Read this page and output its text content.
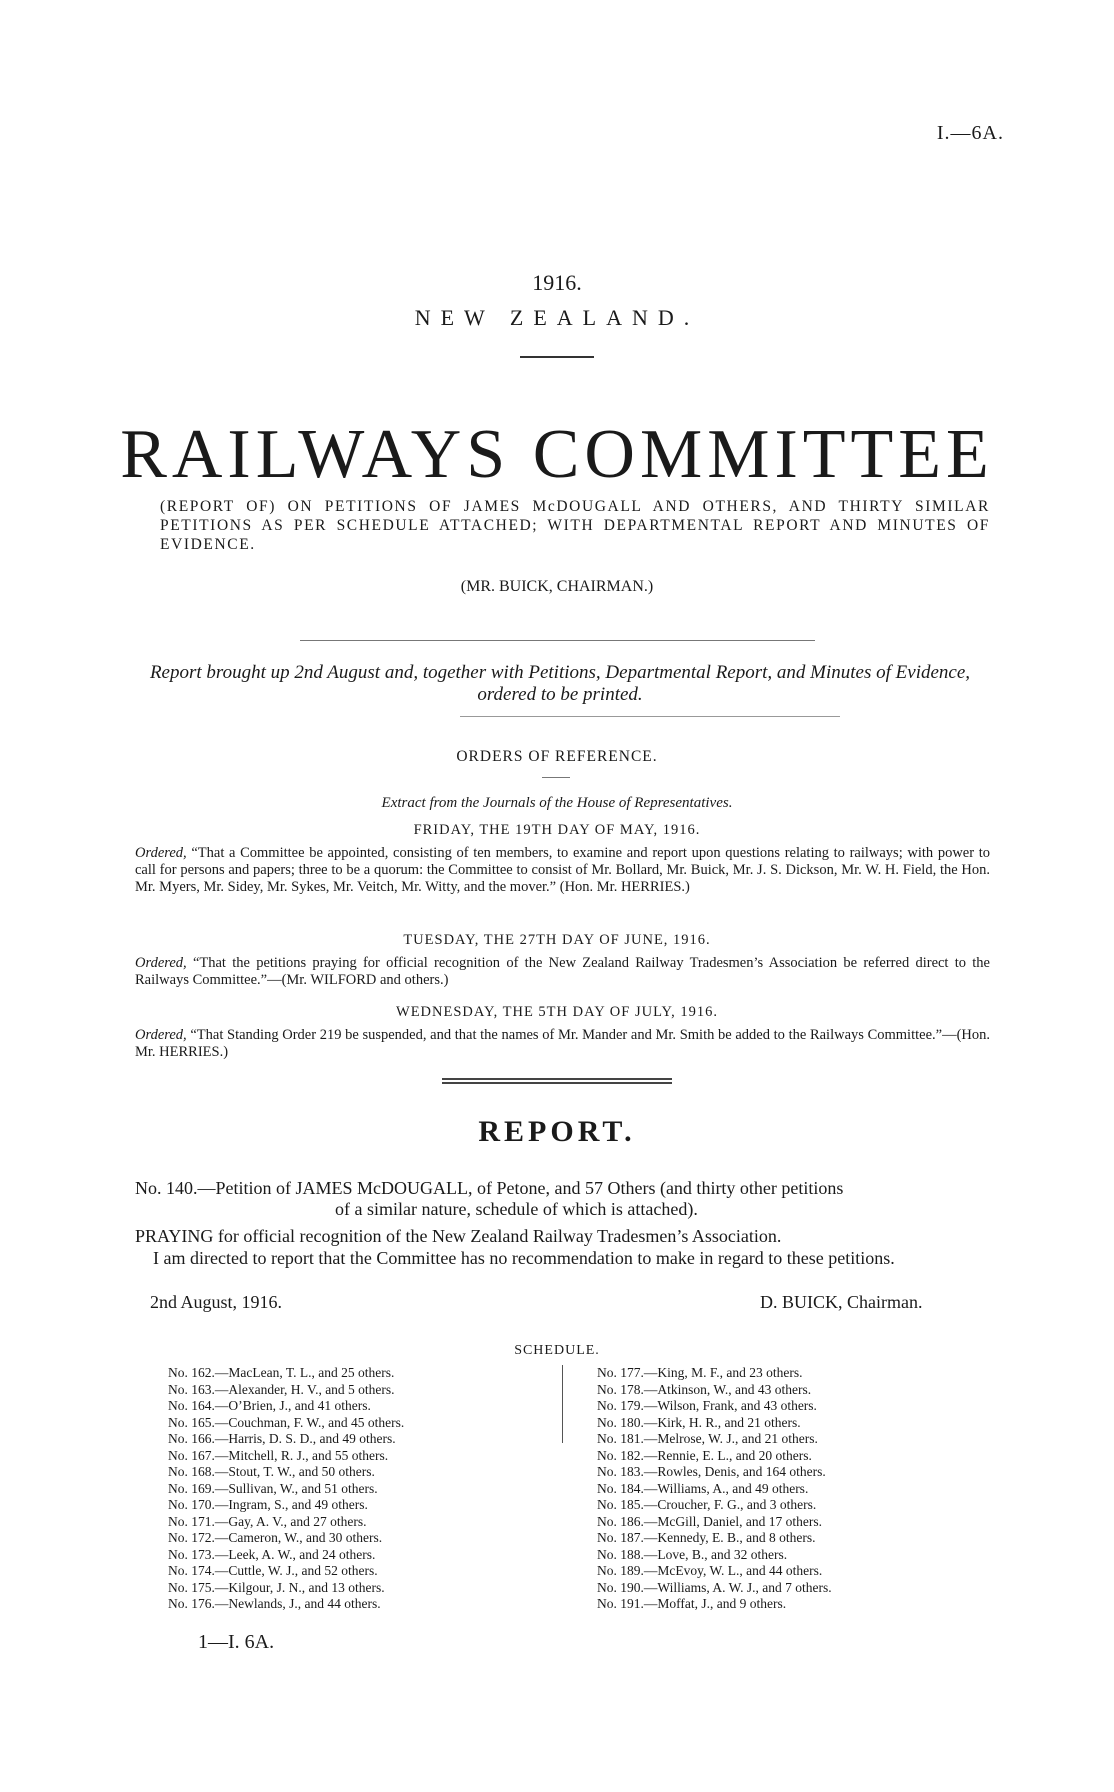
I.—6A.
1916.
NEW ZEALAND.
RAILWAYS COMMITTEE
(REPORT OF) ON PETITIONS OF JAMES McDOUGALL AND OTHERS, AND THIRTY SIMILAR PETITIONS AS PER SCHEDULE ATTACHED; WITH DEPARTMENTAL REPORT AND MINUTES OF EVIDENCE.
(MR. BUICK, CHAIRMAN.)
Report brought up 2nd August and, together with Petitions, Departmental Report, and Minutes of Evidence, ordered to be printed.
ORDERS OF REFERENCE.
Extract from the Journals of the House of Representatives.
FRIDAY, THE 19TH DAY OF MAY, 1916.
Ordered, “That a Committee be appointed, consisting of ten members, to examine and report upon questions relating to railways; with power to call for persons and papers; three to be a quorum: the Committee to consist of Mr. Bollard, Mr. Buick, Mr. J. S. Dickson, Mr. W. H. Field, the Hon. Mr. Myers, Mr. Sidey, Mr. Sykes, Mr. Veitch, Mr. Witty, and the mover.” (Hon. Mr. HERRIES.)
TUESDAY, THE 27TH DAY OF JUNE, 1916.
Ordered, “That the petitions praying for official recognition of the New Zealand Railway Tradesmen’s Association be referred direct to the Railways Committee.”—(Mr. WILFORD and others.)
WEDNESDAY, THE 5TH DAY OF JULY, 1916.
Ordered, “That Standing Order 219 be suspended, and that the names of Mr. Mander and Mr. Smith be added to the Railways Committee.”—(Hon. Mr. HERRIES.)
REPORT.
No. 140.—Petition of JAMES McDOUGALL, of Petone, and 57 Others (and thirty other petitions
of a similar nature, schedule of which is attached).
PRAYING for official recognition of the New Zealand Railway Tradesmen’s Association.
I am directed to report that the Committee has no recommendation to make in regard to these petitions.
2nd August, 1916.	D. BUICK, Chairman.
SCHEDULE.
No. 162.—MacLean, T. L., and 25 others.
No. 163.—Alexander, H. V., and 5 others.
No. 164.—O’Brien, J., and 41 others.
No. 165.—Couchman, F. W., and 45 others.
No. 166.—Harris, D. S. D., and 49 others.
No. 167.—Mitchell, R. J., and 55 others.
No. 168.—Stout, T. W., and 50 others.
No. 169.—Sullivan, W., and 51 others.
No. 170.—Ingram, S., and 49 others.
No. 171.—Gay, A. V., and 27 others.
No. 172.—Cameron, W., and 30 others.
No. 173.—Leek, A. W., and 24 others.
No. 174.—Cuttle, W. J., and 52 others.
No. 175.—Kilgour, J. N., and 13 others.
No. 176.—Newlands, J., and 44 others.
No. 177.—King, M. F., and 23 others.
No. 178.—Atkinson, W., and 43 others.
No. 179.—Wilson, Frank, and 43 others.
No. 180.—Kirk, H. R., and 21 others.
No. 181.—Melrose, W. J., and 21 others.
No. 182.—Rennie, E. L., and 20 others.
No. 183.—Rowles, Denis, and 164 others.
No. 184.—Williams, A., and 49 others.
No. 185.—Croucher, F. G., and 3 others.
No. 186.—McGill, Daniel, and 17 others.
No. 187.—Kennedy, E. B., and 8 others.
No. 188.—Love, B., and 32 others.
No. 189.—McEvoy, W. L., and 44 others.
No. 190.—Williams, A. W. J., and 7 others.
No. 191.—Moffat, J., and 9 others.
1—I. 6A.
